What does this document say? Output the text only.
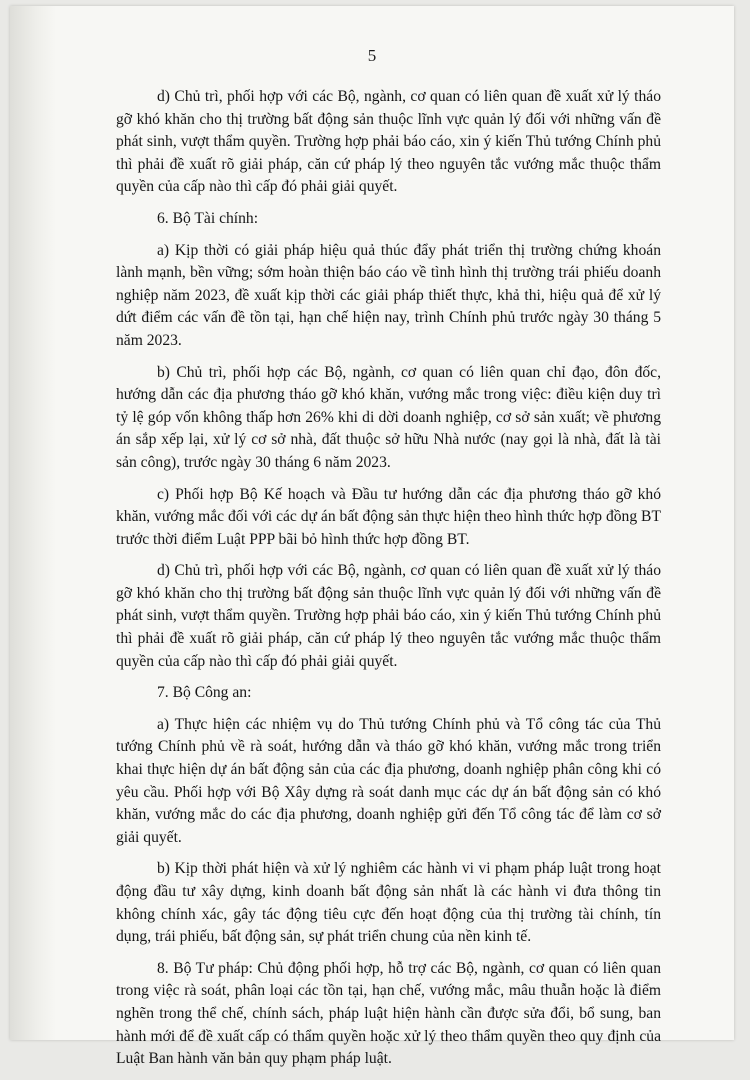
5

d) Chủ trì, phối hợp với các Bộ, ngành, cơ quan có liên quan đề xuất xử lý tháo gỡ khó khăn cho thị trường bất động sản thuộc lĩnh vực quản lý đối với những vấn đề phát sinh, vượt thẩm quyền. Trường hợp phải báo cáo, xin ý kiến Thủ tướng Chính phủ thì phải đề xuất rõ giải pháp, căn cứ pháp lý theo nguyên tắc vướng mắc thuộc thẩm quyền của cấp nào thì cấp đó phải giải quyết.

6. Bộ Tài chính:

a) Kịp thời có giải pháp hiệu quả thúc đẩy phát triển thị trường chứng khoán lành mạnh, bền vững; sớm hoàn thiện báo cáo về tình hình thị trường trái phiếu doanh nghiệp năm 2023, đề xuất kịp thời các giải pháp thiết thực, khả thi, hiệu quả để xử lý dứt điểm các vấn đề tồn tại, hạn chế hiện nay, trình Chính phủ trước ngày 30 tháng 5 năm 2023.

b) Chủ trì, phối hợp các Bộ, ngành, cơ quan có liên quan chỉ đạo, đôn đốc, hướng dẫn các địa phương tháo gỡ khó khăn, vướng mắc trong việc: điều kiện duy trì tỷ lệ góp vốn không thấp hơn 26% khi di dời doanh nghiệp, cơ sở sản xuất; về phương án sắp xếp lại, xử lý cơ sở nhà, đất thuộc sở hữu Nhà nước (nay gọi là nhà, đất là tài sản công), trước ngày 30 tháng 6 năm 2023.

c) Phối hợp Bộ Kế hoạch và Đầu tư hướng dẫn các địa phương tháo gỡ khó khăn, vướng mắc đối với các dự án bất động sản thực hiện theo hình thức hợp đồng BT trước thời điểm Luật PPP bãi bỏ hình thức hợp đồng BT.

d) Chủ trì, phối hợp với các Bộ, ngành, cơ quan có liên quan đề xuất xử lý tháo gỡ khó khăn cho thị trường bất động sản thuộc lĩnh vực quản lý đối với những vấn đề phát sinh, vượt thẩm quyền. Trường hợp phải báo cáo, xin ý kiến Thủ tướng Chính phủ thì phải đề xuất rõ giải pháp, căn cứ pháp lý theo nguyên tắc vướng mắc thuộc thẩm quyền của cấp nào thì cấp đó phải giải quyết.

7. Bộ Công an:

a) Thực hiện các nhiệm vụ do Thủ tướng Chính phủ và Tổ công tác của Thủ tướng Chính phủ về rà soát, hướng dẫn và tháo gỡ khó khăn, vướng mắc trong triển khai thực hiện dự án bất động sản của các địa phương, doanh nghiệp phân công khi có yêu cầu. Phối hợp với Bộ Xây dựng rà soát danh mục các dự án bất động sản có khó khăn, vướng mắc do các địa phương, doanh nghiệp gửi đến Tổ công tác để làm cơ sở giải quyết.

b) Kịp thời phát hiện và xử lý nghiêm các hành vi vi phạm pháp luật trong hoạt động đầu tư xây dựng, kinh doanh bất động sản nhất là các hành vi đưa thông tin không chính xác, gây tác động tiêu cực đến hoạt động của thị trường tài chính, tín dụng, trái phiếu, bất động sản, sự phát triển chung của nền kinh tế.

8. Bộ Tư pháp: Chủ động phối hợp, hỗ trợ các Bộ, ngành, cơ quan có liên quan trong việc rà soát, phân loại các tồn tại, hạn chế, vướng mắc, mâu thuẫn hoặc là điểm nghẽn trong thể chế, chính sách, pháp luật hiện hành cần được sửa đổi, bổ sung, ban hành mới để đề xuất cấp có thẩm quyền hoặc xử lý theo thẩm quyền theo quy định của Luật Ban hành văn bản quy phạm pháp luật.
